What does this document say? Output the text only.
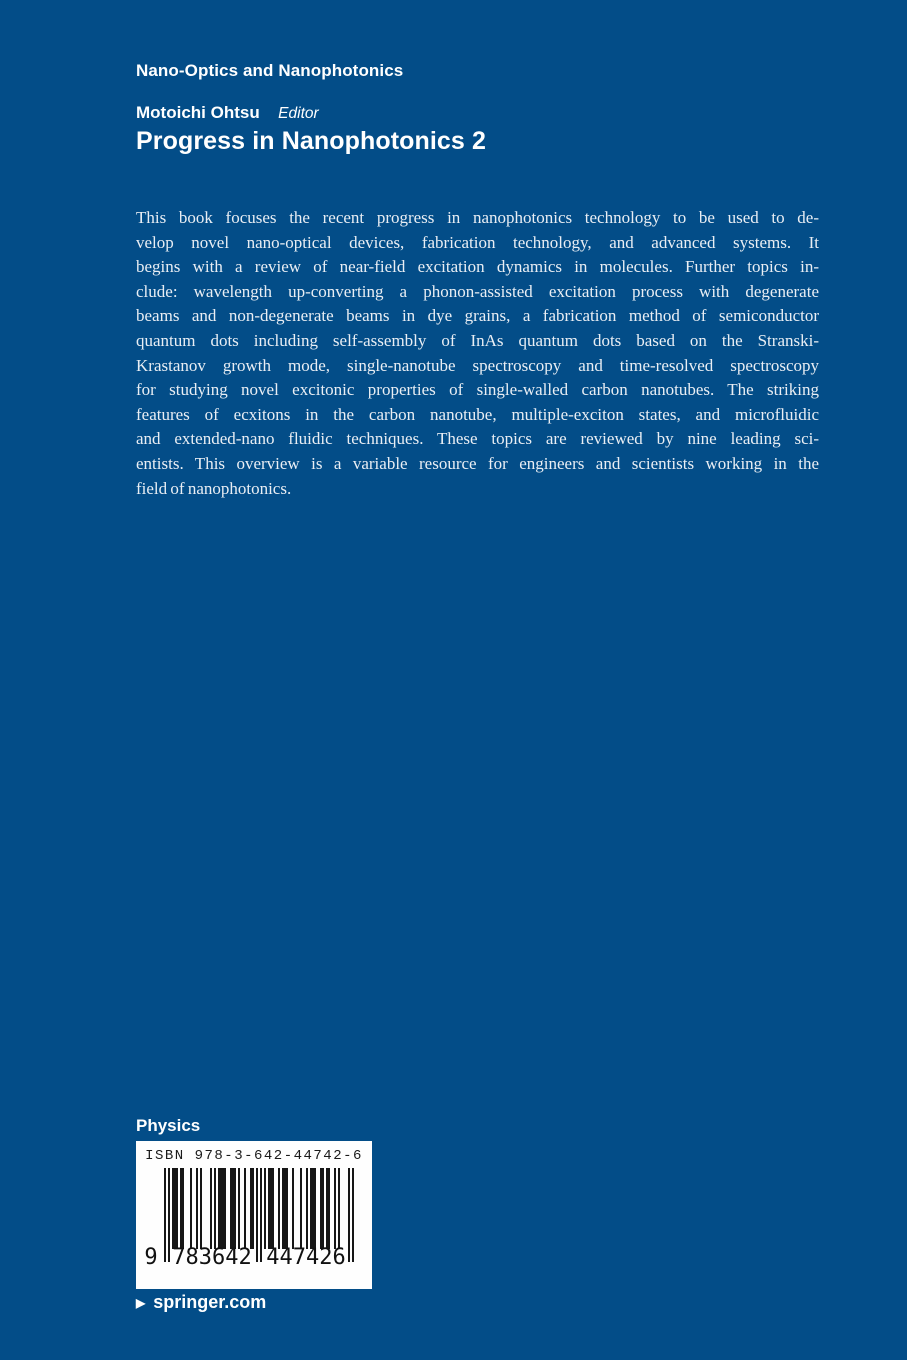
Nano-Optics and Nanophotonics
Motoichi Ohtsu Editor
Progress in Nanophotonics 2
This book focuses the recent progress in nanophotonics technology to be used to de-
velop novel nano-optical devices, fabrication technology, and advanced systems. It
begins with a review of near-field excitation dynamics in molecules. Further topics in-
clude: wavelength up-converting a phonon-assisted excitation process with degenerate
beams and non-degenerate beams in dye grains, a fabrication method of semiconductor
quantum dots including self-assembly of InAs quantum dots based on the Stranski-
Krastanov growth mode, single-nanotube spectroscopy and time-resolved spectroscopy
for studying novel excitonic properties of single-walled carbon nanotubes. The striking
features of ecxitons in the carbon nanotube, multiple-exciton states, and microfluidic
and extended-nano fluidic techniques. These topics are reviewed by nine leading sci-
entists. This overview is a variable resource for engineers and scientists working in the
field of nanophotonics.
Physics
ISBN 978-3-642-44742-6
9 783642 447426
▶ springer.com
